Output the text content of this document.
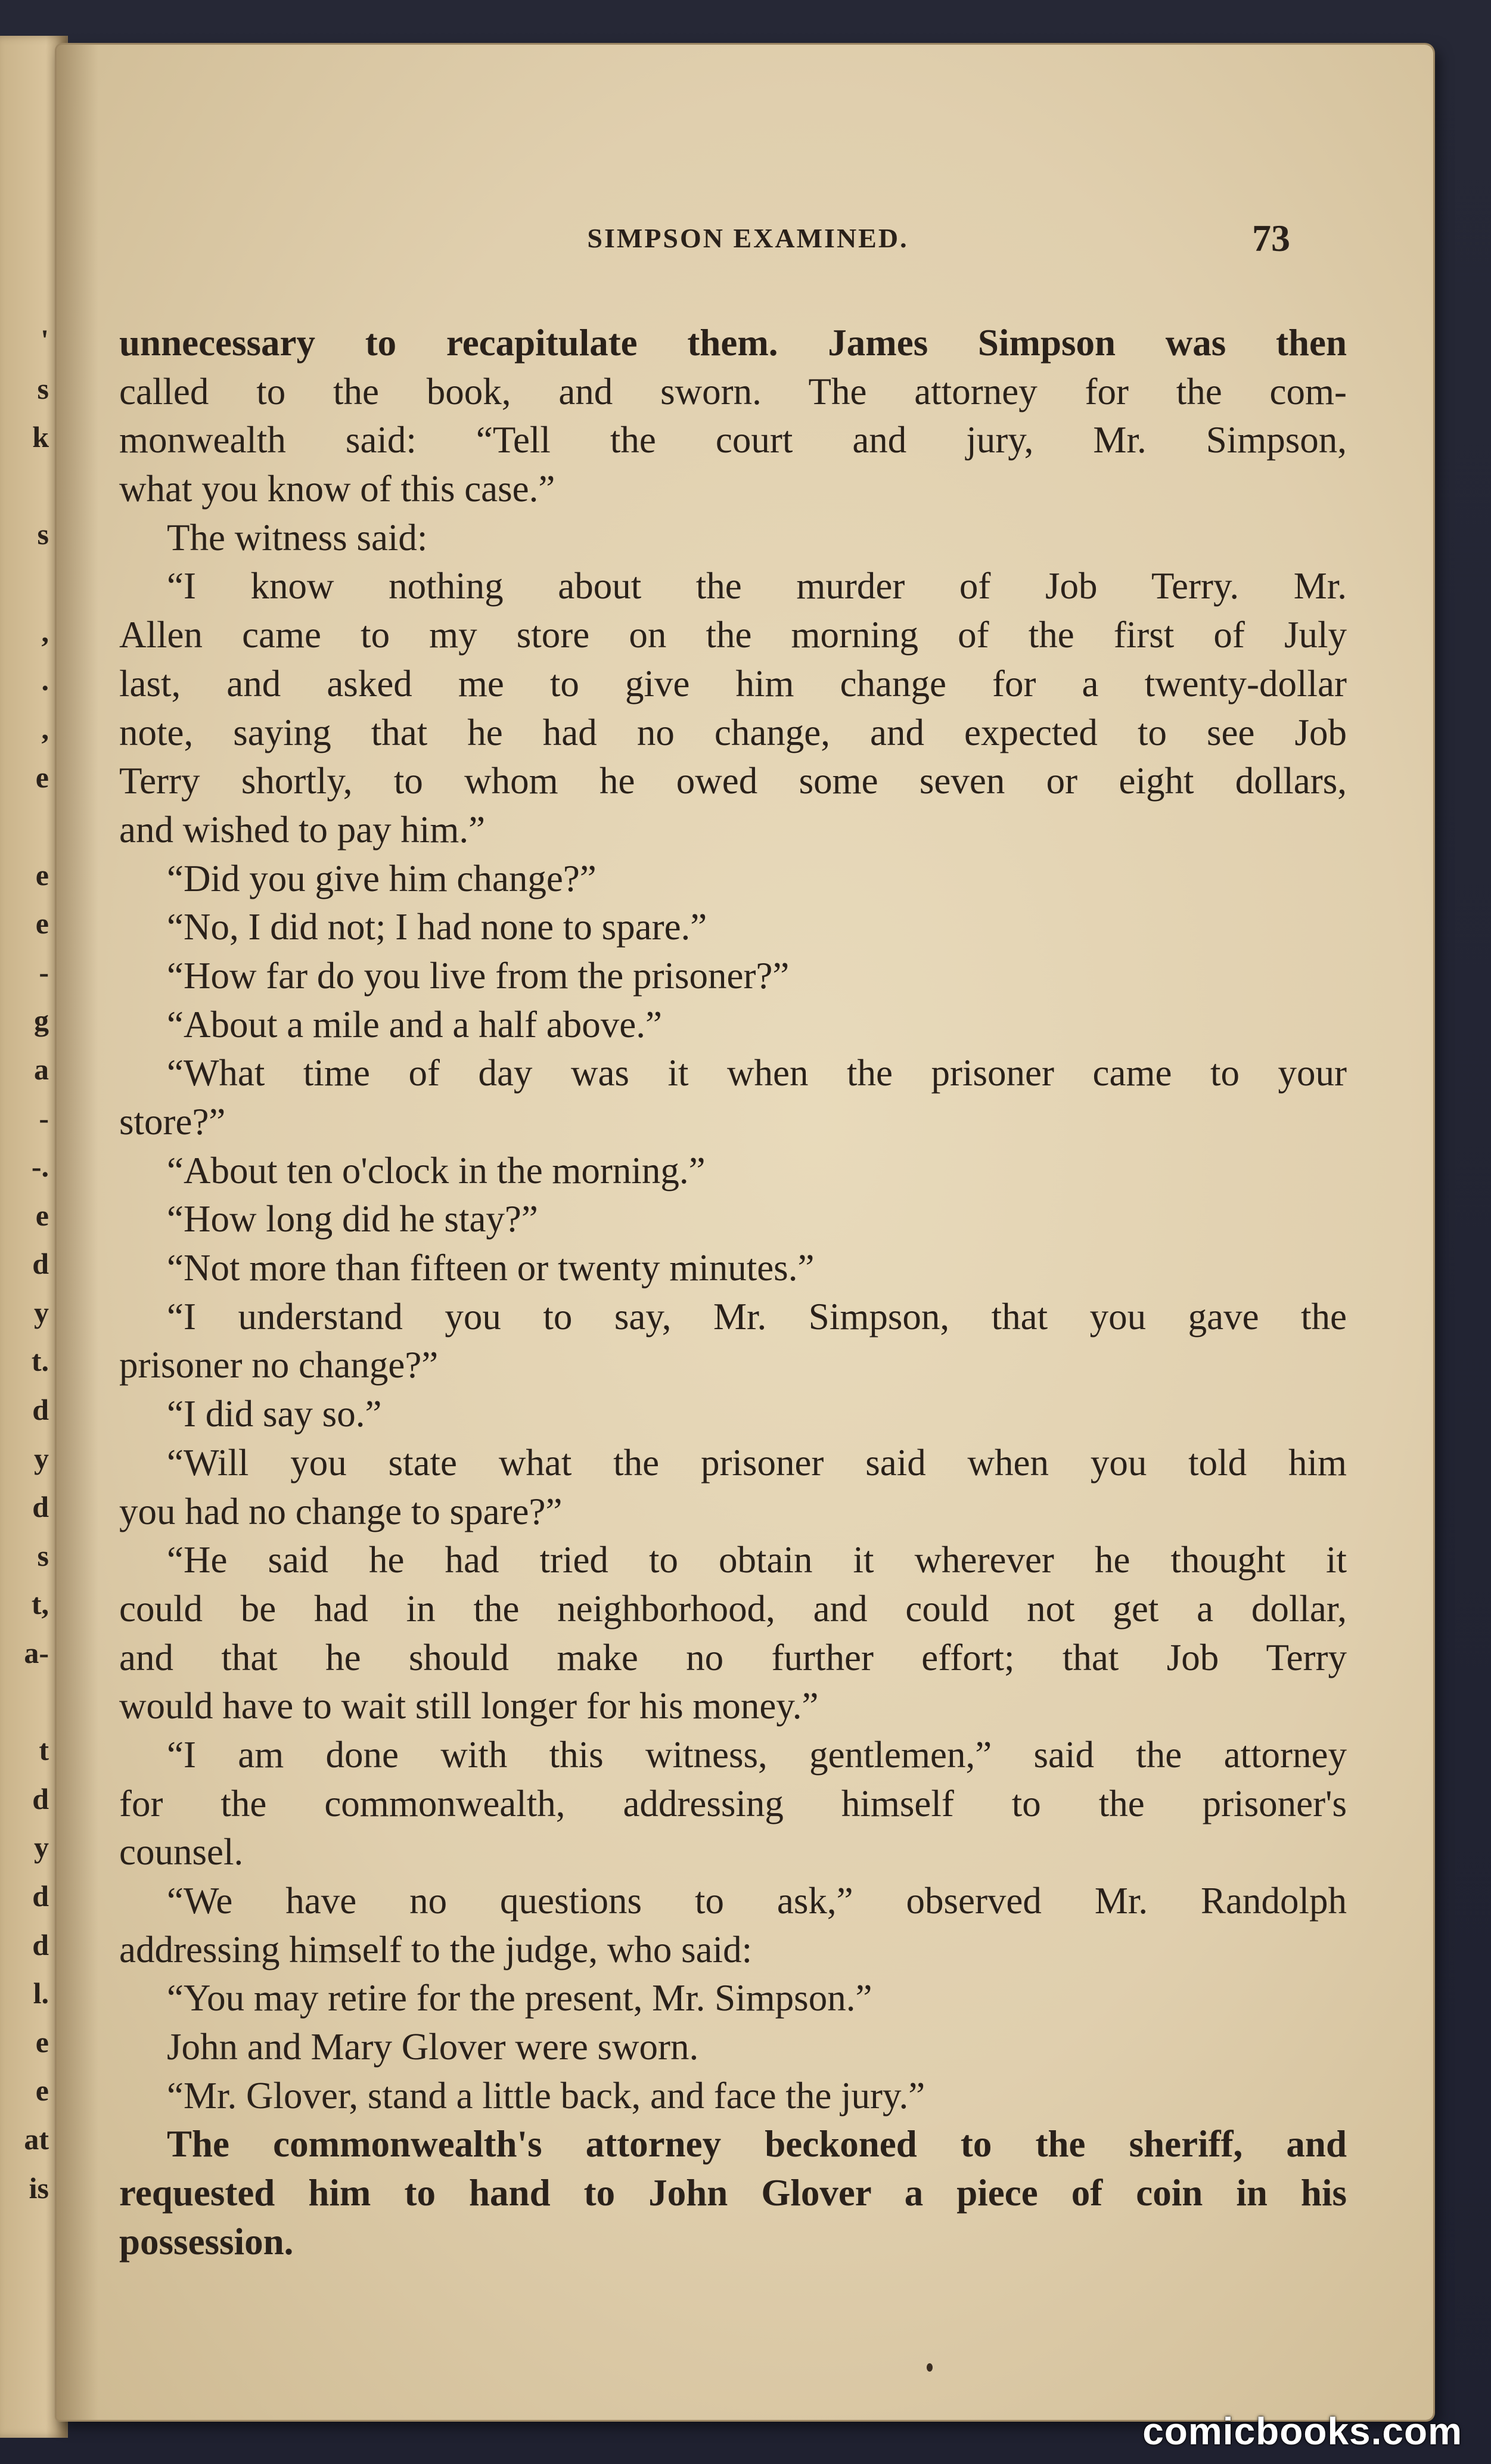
'
s
k

s

,
.
,
e

e
e
-
g
a
-
-.
e
d
y
t.
d
y
d
s
t,
a-

t
d
y
d
d
l.
e
e
at
is
SIMPSON EXAMINED.	73
unnecessary to recapitulate them. James Simpson was then
called to the book, and sworn. The attorney for the com-
monwealth said: “Tell the court and jury, Mr. Simpson,
what you know of this case.”
The witness said:
“I know nothing about the murder of Job Terry. Mr.
Allen came to my store on the morning of the first of July
last, and asked me to give him change for a twenty-dollar
note, saying that he had no change, and expected to see Job
Terry shortly, to whom he owed some seven or eight dollars,
and wished to pay him.”
“Did you give him change?”
“No, I did not; I had none to spare.”
“How far do you live from the prisoner?”
“About a mile and a half above.”
“What time of day was it when the prisoner came to your
store?”
“About ten o'clock in the morning.”
“How long did he stay?”
“Not more than fifteen or twenty minutes.”
“I understand you to say, Mr. Simpson, that you gave the
prisoner no change?”
“I did say so.”
“Will you state what the prisoner said when you told him
you had no change to spare?”
“He said he had tried to obtain it wherever he thought it
could be had in the neighborhood, and could not get a dollar,
and that he should make no further effort; that Job Terry
would have to wait still longer for his money.”
“I am done with this witness, gentlemen,” said the attorney
for the commonwealth, addressing himself to the prisoner's
counsel.
“We have no questions to ask,” observed Mr. Randolph
addressing himself to the judge, who said:
“You may retire for the present, Mr. Simpson.”
John and Mary Glover were sworn.
“Mr. Glover, stand a little back, and face the jury.”
The commonwealth's attorney beckoned to the sheriff, and
requested him to hand to John Glover a piece of coin in his
possession.
comicbooks.com
